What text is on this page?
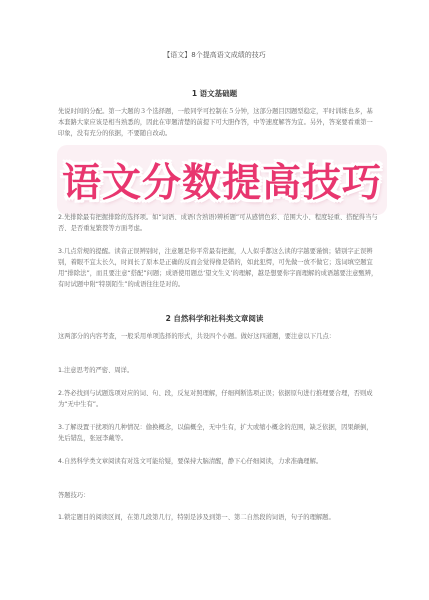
【语文】8个提高语文成绩的技巧
1 语文基础题
先说时间的分配。第一大题的３个选择题，一般同学可控制在５分钟，这部分题目因题型稳定，平时训练也多，基本套路大家应该是相当熟悉的，因此在审题清楚的前提下可大胆作答，中等速度解答为宜。另外，答案要看重第一印象，没有充分的依据，不要随自改动。
语文分数提高技巧
2.先排除最有把握排除的选择项。如“词语、成语(含熟语)辨析题”可从感情色彩、范围大小、程度轻重、搭配得当与否、是否重复繁赘等方面考虑。
3.几点常规的提醒。读音正误辨别时，注意题是你平常最有把握，人人似乎都这么读的字越要谨慎；错别字正误辨别，着眼不宜太长久，时间长了原本是正确的反而会觉得像是错的，如此犯愕，可先做一放不做它；选词填空题宜用“排除法”，而且要注意“搭配”问题；成语使用题总‘望文生义’的理解，越是想要你字面理解的成语越要注意甄辨，有时试题中附“特别陌生”的成语往往是对的。
2 自然科学和社科类文章阅读
这两部分的内容考查，一般采用单项选择的形式，共设四个小题。做好这四道题，要注意以下几点：
1.注意思考的严密、周详。
2.答必找到与试题选项对应的词、句、段，反复对照理解，仔细判断选项正误；依据原句进行推理要合理，否则成为“无中生有”。
3.了解设置干扰项的几种情况：偷换概念，以偏概全，无中生有，扩大或缩小概念的范围，缺乏依据，因果颠倒，先后错乱，张冠李戴等。
4.自然科学类文章阅读有对选文可能给疑，要保持大脑清醒，静下心仔细阅读，力求准确理解。
答题技巧：
1.锁定题目的阅读区间，在第几段第几行，特别是涉及到第一、第二自然段的词语，句子的理解题。
